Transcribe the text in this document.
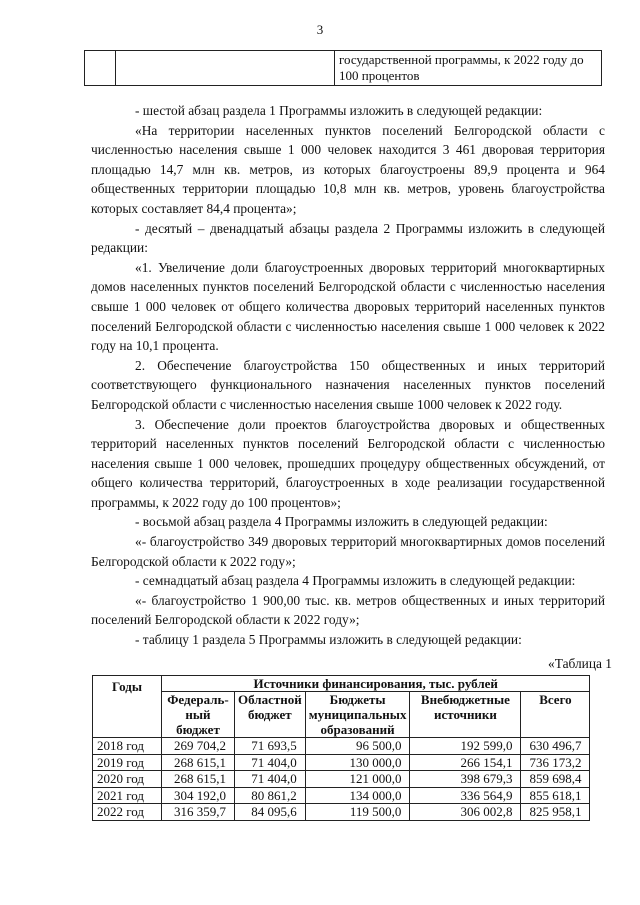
3
		государственной программы, к 2022 году до 100 процентов

- шестой абзац раздела 1 Программы изложить в следующей редакции:

«На территории населенных пунктов поселений Белгородской области с численностью населения свыше 1 000 человек находится 3 461 дворовая территория площадью 14,7 млн кв. метров, из которых благоустроены 89,9 процента и 964 общественных территории площадью 10,8 млн кв. метров, уровень благоустройства которых составляет 84,4 процента»;

- десятый – двенадцатый абзацы раздела 2 Программы изложить в следующей редакции:

«1. Увеличение доли благоустроенных дворовых территорий многоквартирных домов населенных пунктов поселений Белгородской области с численностью населения свыше 1 000 человек от общего количества дворовых территорий населенных пунктов поселений Белгородской области с численностью населения свыше 1 000 человек к 2022 году на 10,1 процента.

2. Обеспечение благоустройства 150 общественных и иных территорий соответствующего функционального назначения населенных пунктов поселений Белгородской области с численностью населения свыше 1000 человек к 2022 году.

3. Обеспечение доли проектов благоустройства дворовых и общественных территорий населенных пунктов поселений Белгородской области с численностью населения свыше 1 000 человек, прошедших процедуру общественных обсуждений, от общего количества территорий, благоустроенных в ходе реализации государственной программы, к 2022 году до 100 процентов»;

- восьмой абзац раздела 4 Программы изложить в следующей редакции:

«- благоустройство 349 дворовых территорий многоквартирных домов поселений Белгородской области к 2022 году»;

- семнадцатый абзац раздела 4 Программы изложить в следующей редакции:

«- благоустройство 1 900,00 тыс. кв. метров общественных и иных территорий поселений Белгородской области к 2022 году»;

- таблицу 1 раздела 5 Программы изложить в следующей редакции:

«Таблица 1
Годы	Источники финансирования, тыс. рублей				
	Федераль-ный бюджет	Областной бюджет	Бюджеты муниципальных образований	Внебюджетные источники	Всего
2018 год	269 704,2	71 693,5	96 500,0	192 599,0	630 496,7
2019 год	268 615,1	71 404,0	130 000,0	266 154,1	736 173,2
2020 год	268 615,1	71 404,0	121 000,0	398 679,3	859 698,4
2021 год	304 192,0	80 861,2	134 000,0	336 564,9	855 618,1
2022 год	316 359,7	84 095,6	119 500,0	306 002,8	825 958,1
